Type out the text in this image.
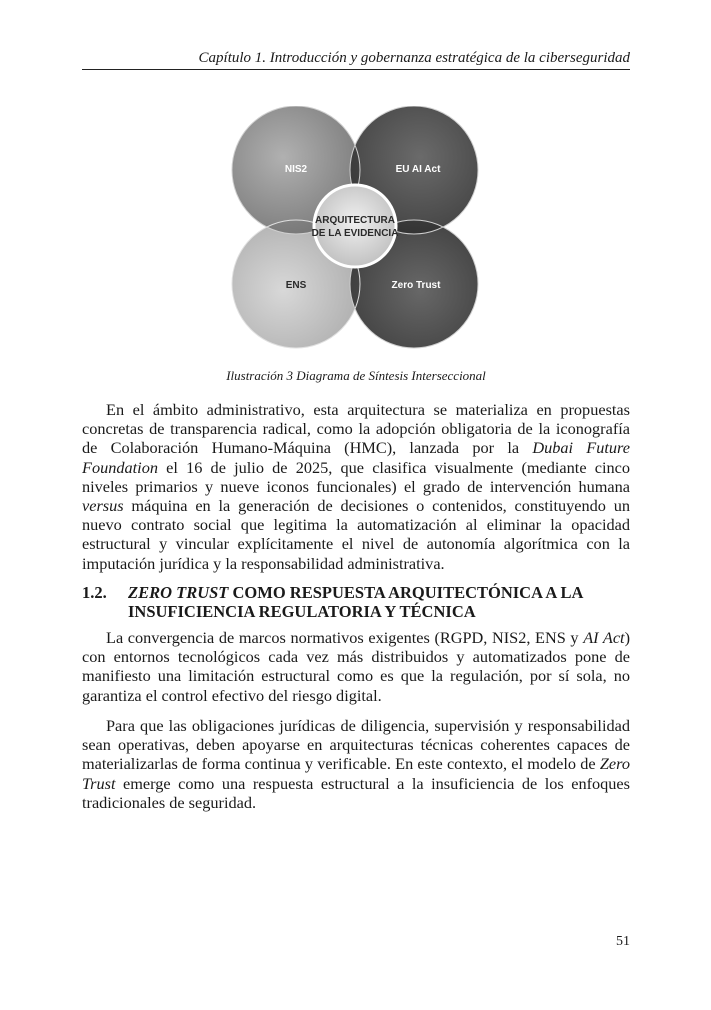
Capítulo 1. Introducción y gobernanza estratégica de la ciberseguridad
NIS2	EU AI Act
ENS	Zero Trust
ARQUITECTURA
DE LA EVIDENCIA
Ilustración 3 Diagrama de Síntesis Interseccional

En el ámbito administrativo, esta arquitectura se materializa en propuestas concretas de transparencia radical, como la adopción obligatoria de la iconografía de Colaboración Humano-Máquina (HMC), lanzada por la Dubai Future Foundation el 16 de julio de 2025, que clasifica visualmente (mediante cinco niveles primarios y nueve iconos funcionales) el grado de intervención humana versus máquina en la generación de decisiones o contenidos, constituyendo un nuevo contrato social que legitima la automatización al eliminar la opacidad estructural y vincular explícitamente el nivel de autonomía algorítmica con la imputación jurídica y la responsabilidad administrativa.

1.2.	ZERO TRUST COMO RESPUESTA ARQUITECTÓNICA A LA INSUFICIENCIA REGULATORIA Y TÉCNICA

La convergencia de marcos normativos exigentes (RGPD, NIS2, ENS y AI Act) con entornos tecnológicos cada vez más distribuidos y automatizados pone de manifiesto una limitación estructural como es que la regulación, por sí sola, no garantiza el control efectivo del riesgo digital.

Para que las obligaciones jurídicas de diligencia, supervisión y responsabilidad sean operativas, deben apoyarse en arquitecturas técnicas coherentes capaces de materializarlas de forma continua y verificable. En este contexto, el modelo de Zero Trust emerge como una respuesta estructural a la insuficiencia de los enfoques tradicionales de seguridad.

51
